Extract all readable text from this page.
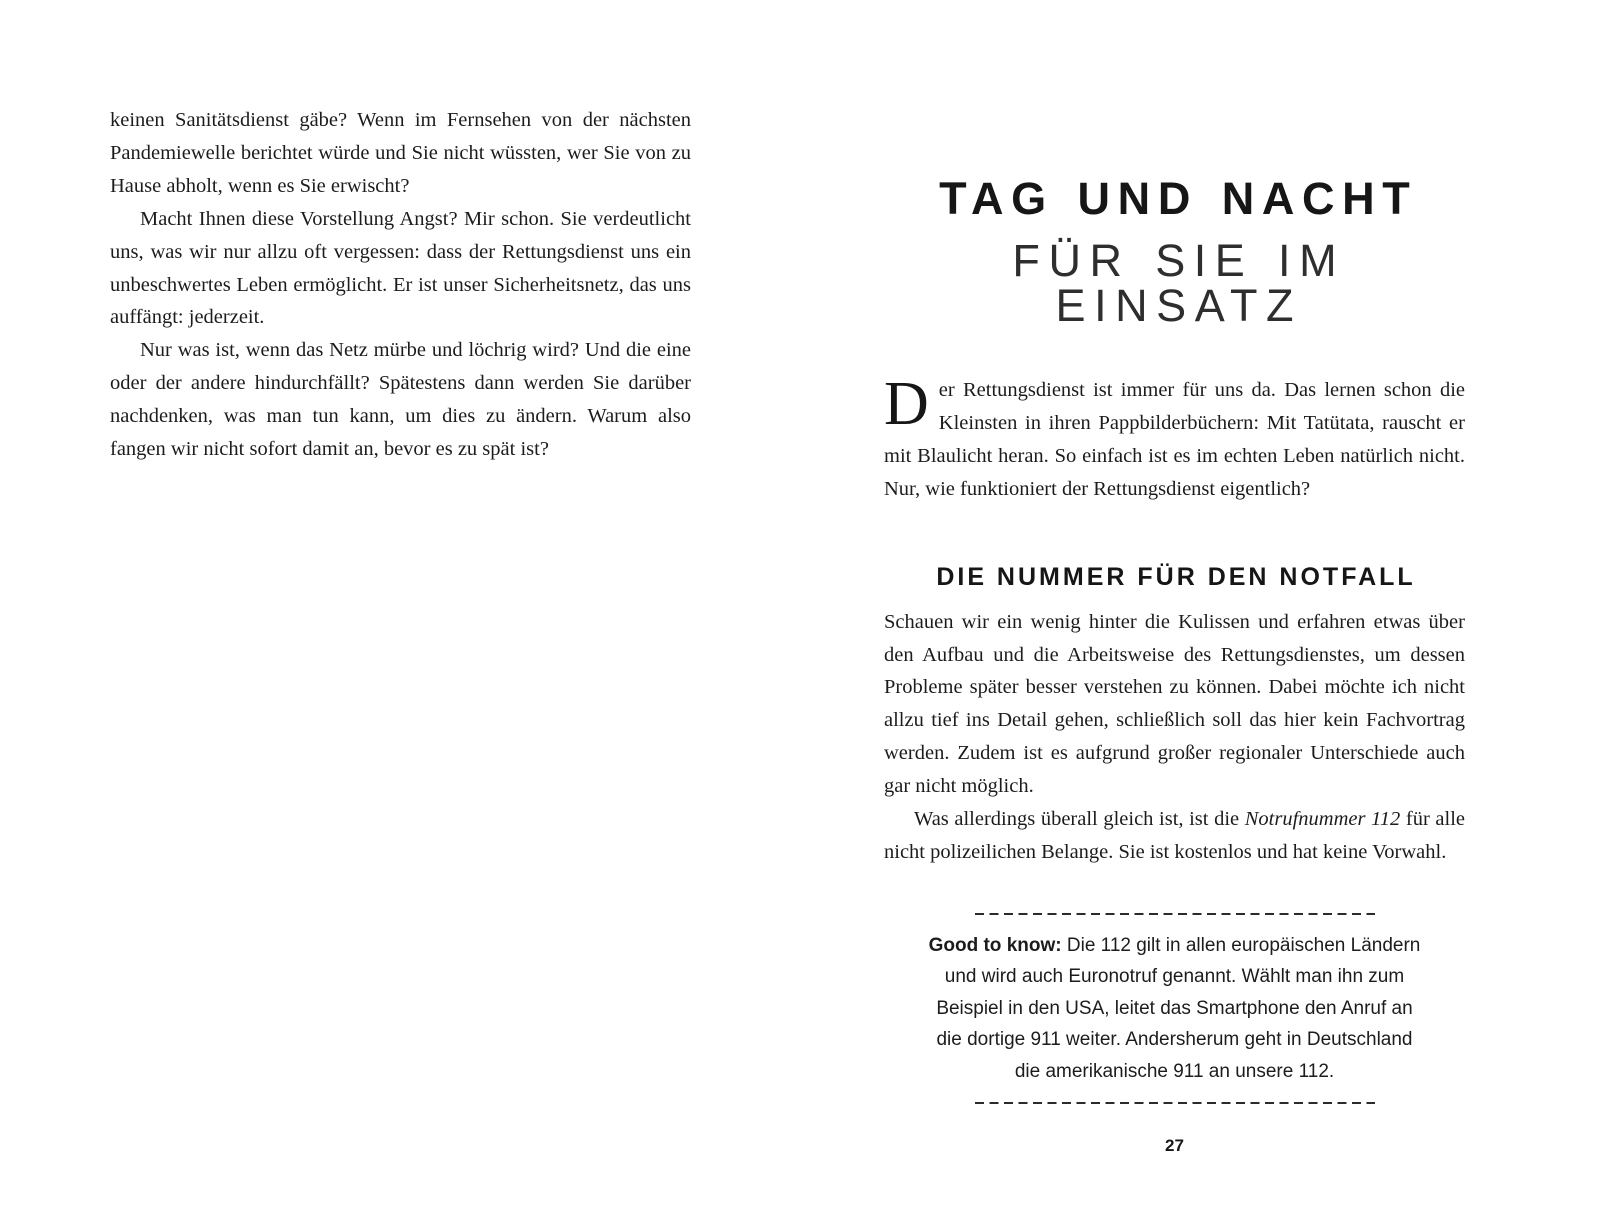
keinen Sanitätsdienst gäbe? Wenn im Fernsehen von der nächsten Pandemiewelle berichtet würde und Sie nicht wüssten, wer Sie von zu Hause abholt, wenn es Sie erwischt?

Macht Ihnen diese Vorstellung Angst? Mir schon. Sie verdeutlicht uns, was wir nur allzu oft vergessen: dass der Rettungsdienst uns ein unbeschwertes Leben ermöglicht. Er ist unser Sicherheitsnetz, das uns auffängt: jederzeit.

Nur was ist, wenn das Netz mürbe und löchrig wird? Und die eine oder der andere hindurchfällt? Spätestens dann werden Sie darüber nachdenken, was man tun kann, um dies zu ändern. Warum also fangen wir nicht sofort damit an, bevor es zu spät ist?

TAG UND NACHT
FÜR SIE IM EINSATZ

Der Rettungsdienst ist immer für uns da. Das lernen schon die Kleinsten in ihren Pappbilderbüchern: Mit Tatütata, rauscht er mit Blaulicht heran. So einfach ist es im echten Leben natürlich nicht. Nur, wie funktioniert der Rettungsdienst eigentlich?

DIE NUMMER FÜR DEN NOTFALL

Schauen wir ein wenig hinter die Kulissen und erfahren etwas über den Aufbau und die Arbeitsweise des Rettungsdienstes, um dessen Probleme später besser verstehen zu können. Dabei möchte ich nicht allzu tief ins Detail gehen, schließlich soll das hier kein Fachvortrag werden. Zudem ist es aufgrund großer regionaler Unterschiede auch gar nicht möglich.

Was allerdings überall gleich ist, ist die Notrufnummer 112 für alle nicht polizeilichen Belange. Sie ist kostenlos und hat keine Vorwahl.

Good to know: Die 112 gilt in allen europäischen Ländern und wird auch Euronotruf genannt. Wählt man ihn zum Beispiel in den USA, leitet das Smartphone den Anruf an die dortige 911 weiter. Andersherum geht in Deutschland die amerikanische 911 an unsere 112.

27
